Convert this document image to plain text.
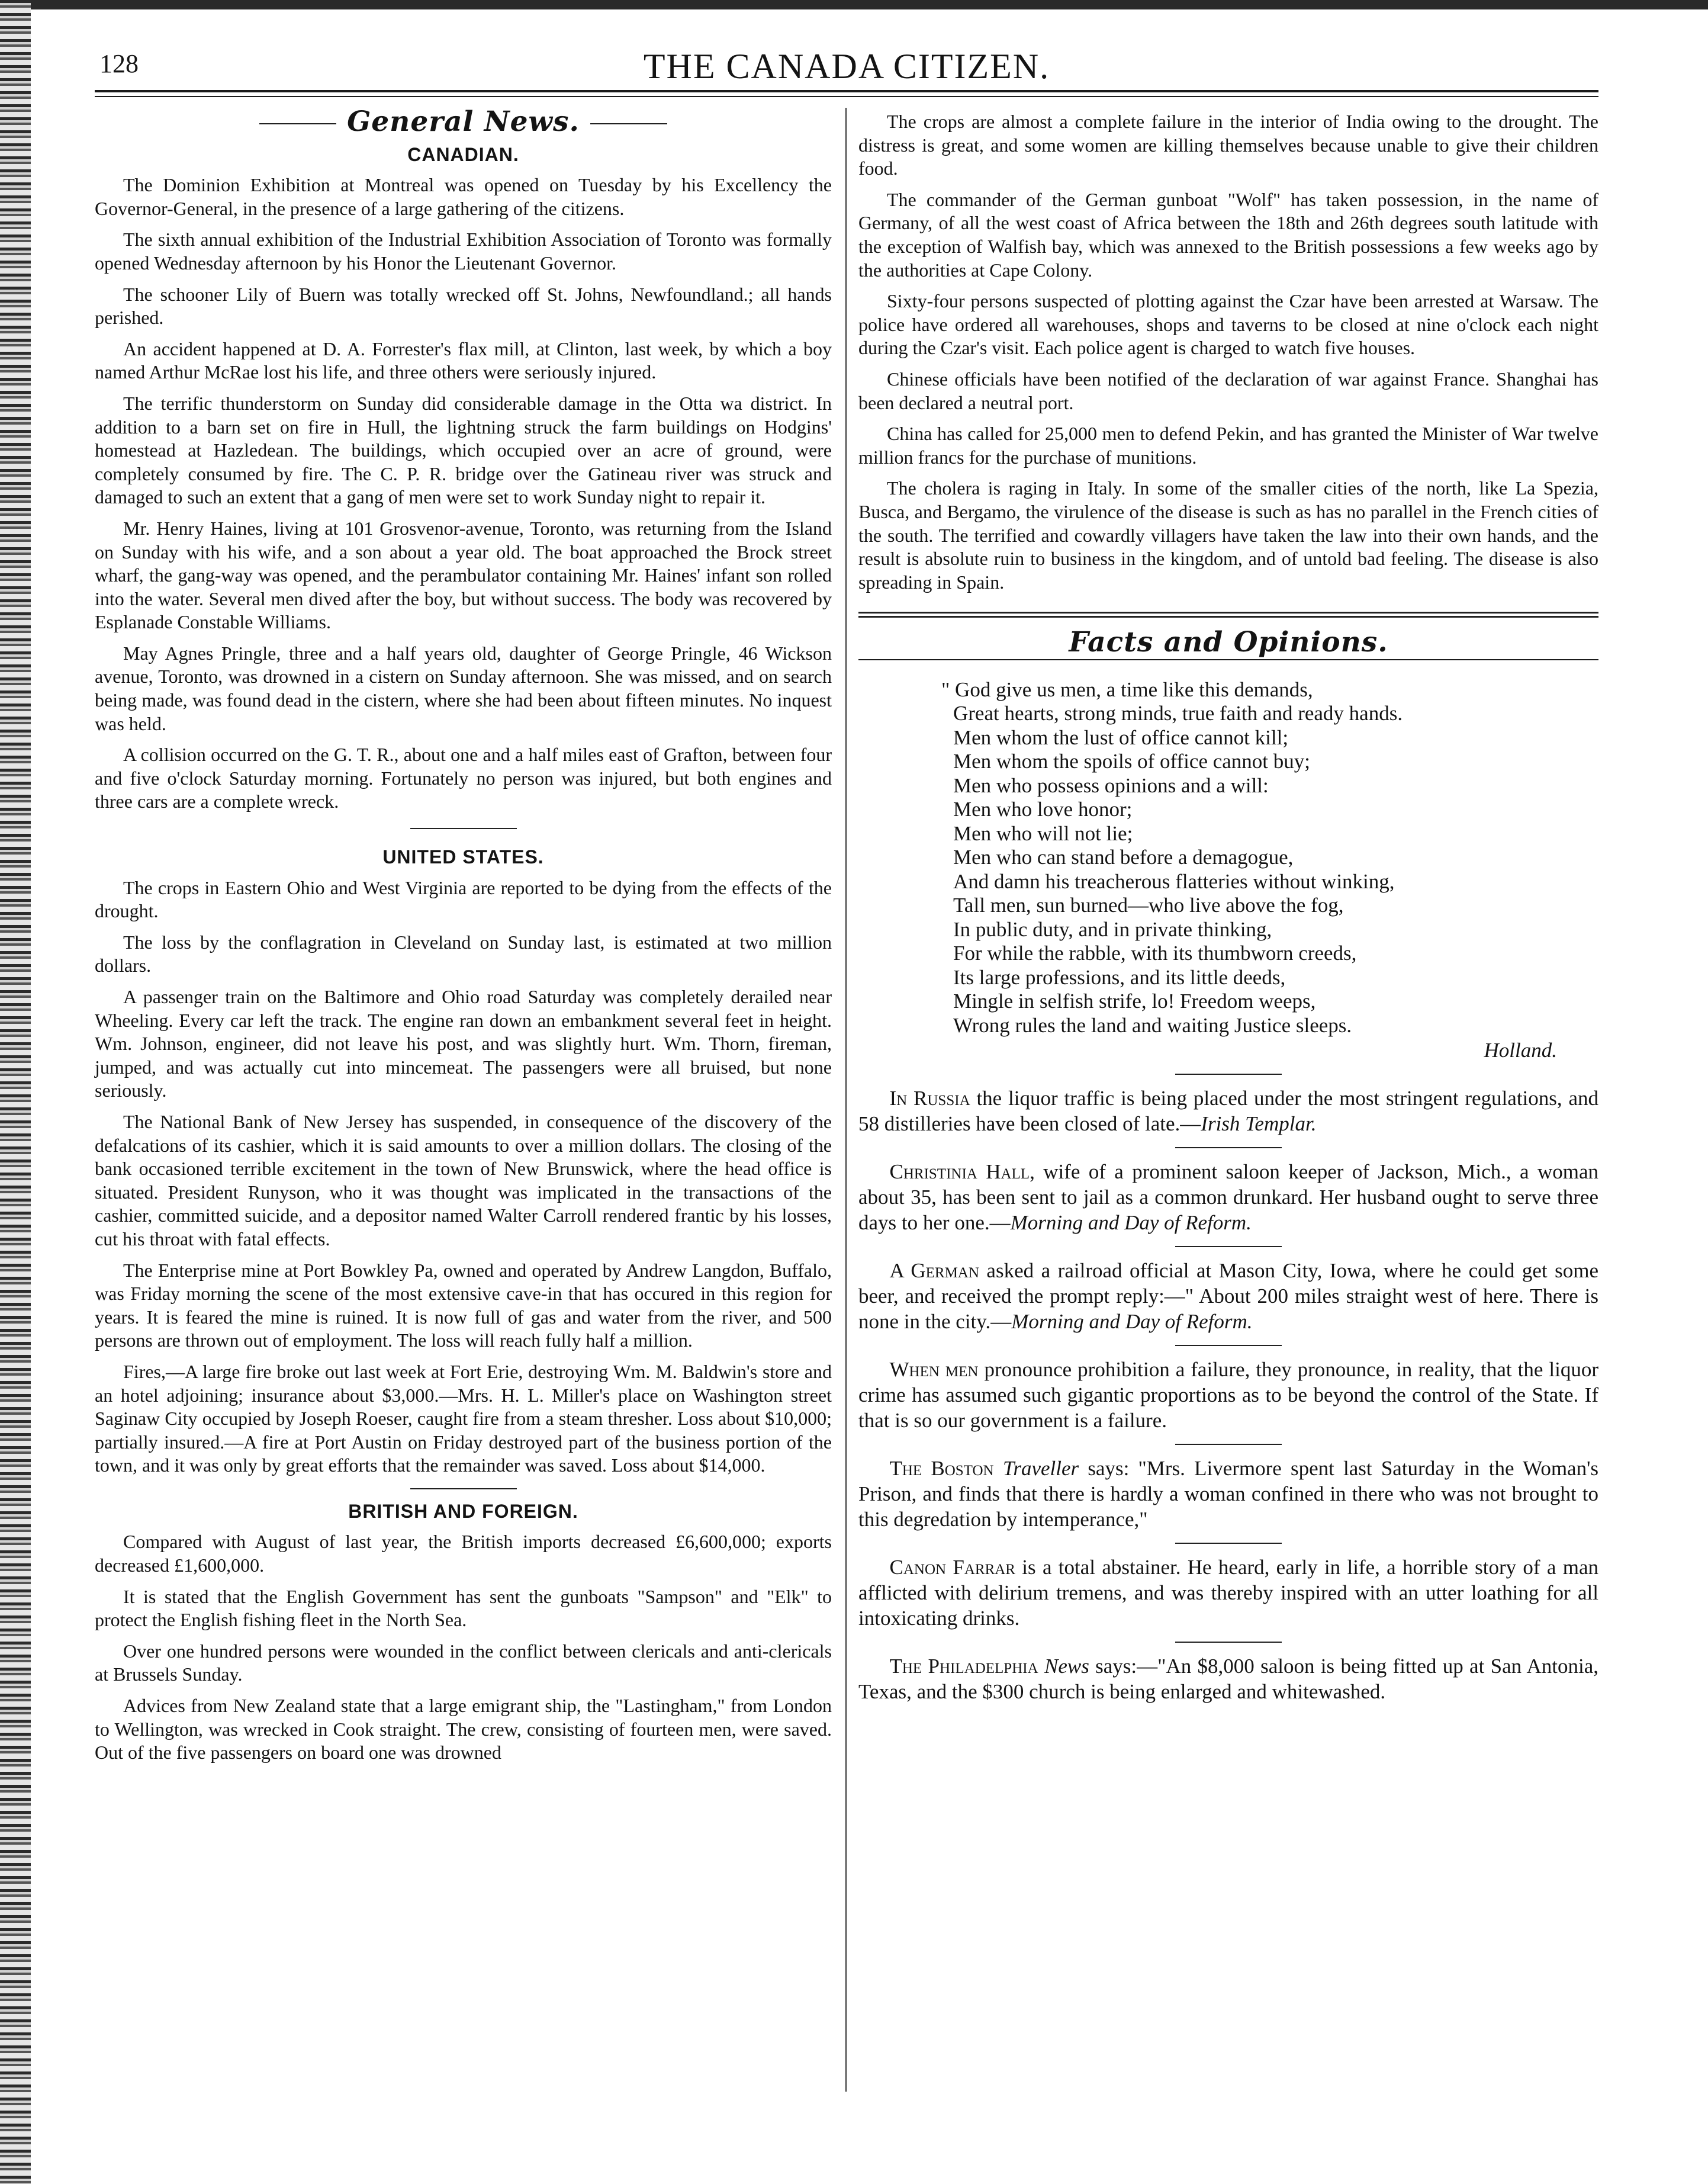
128	THE CANADA CITIZEN.
General News.
CANADIAN.

The Dominion Exhibition at Montreal was opened on Tuesday by his Excellency the Governor-General, in the presence of a large gathering of the citizens.

The sixth annual exhibition of the Industrial Exhibition Association of Toronto was formally opened Wednesday afternoon by his Honor the Lieutenant Governor.

The schooner Lily of Buern was totally wrecked off St. Johns, Newfoundland.; all hands perished.

An accident happened at D. A. Forrester's flax mill, at Clinton, last week, by which a boy named Arthur McRae lost his life, and three others were seriously injured.

The terrific thunderstorm on Sunday did considerable damage in the Otta wa district. In addition to a barn set on fire in Hull, the lightning struck the farm buildings on Hodgins' homestead at Hazledean. The buildings, which occupied over an acre of ground, were completely consumed by fire. The C. P. R. bridge over the Gatineau river was struck and damaged to such an extent that a gang of men were set to work Sunday night to repair it.

Mr. Henry Haines, living at 101 Grosvenor-avenue, Toronto, was returning from the Island on Sunday with his wife, and a son about a year old. The boat approached the Brock street wharf, the gang-way was opened, and the perambulator containing Mr. Haines' infant son rolled into the water. Several men dived after the boy, but without success. The body was recovered by Esplanade Constable Williams.

May Agnes Pringle, three and a half years old, daughter of George Pringle, 46 Wickson avenue, Toronto, was drowned in a cistern on Sunday afternoon. She was missed, and on search being made, was found dead in the cistern, where she had been about fifteen minutes. No inquest was held.

A collision occurred on the G. T. R., about one and a half miles east of Grafton, between four and five o'clock Saturday morning. Fortunately no person was injured, but both engines and three cars are a complete wreck.

UNITED STATES.

The crops in Eastern Ohio and West Virginia are reported to be dying from the effects of the drought.

The loss by the conflagration in Cleveland on Sunday last, is estimated at two million dollars.

A passenger train on the Baltimore and Ohio road Saturday was completely derailed near Wheeling. Every car left the track. The engine ran down an embankment several feet in height. Wm. Johnson, engineer, did not leave his post, and was slightly hurt. Wm. Thorn, fireman, jumped, and was actually cut into mincemeat. The passengers were all bruised, but none seriously.

The National Bank of New Jersey has suspended, in consequence of the discovery of the defalcations of its cashier, which it is said amounts to over a million dollars. The closing of the bank occasioned terrible excitement in the town of New Brunswick, where the head office is situated. President Runyson, who it was thought was implicated in the transactions of the cashier, committed suicide, and a depositor named Walter Carroll rendered frantic by his losses, cut his throat with fatal effects.

The Enterprise mine at Port Bowkley Pa, owned and operated by Andrew Langdon, Buffalo, was Friday morning the scene of the most extensive cave-in that has occured in this region for years. It is feared the mine is ruined. It is now full of gas and water from the river, and 500 persons are thrown out of employment. The loss will reach fully half a million.

Fires,—A large fire broke out last week at Fort Erie, destroying Wm. M. Baldwin's store and an hotel adjoining; insurance about $3,000.—Mrs. H. L. Miller's place on Washington street Saginaw City occupied by Joseph Roeser, caught fire from a steam thresher. Loss about $10,000; partially insured.—A fire at Port Austin on Friday destroyed part of the business portion of the town, and it was only by great efforts that the remainder was saved. Loss about $14,000.

BRITISH AND FOREIGN.

Compared with August of last year, the British imports decreased £6,600,000; exports decreased £1,600,000.

It is stated that the English Government has sent the gunboats "Sampson" and "Elk" to protect the English fishing fleet in the North Sea.

Over one hundred persons were wounded in the conflict between clericals and anti-clericals at Brussels Sunday.

Advices from New Zealand state that a large emigrant ship, the "Lastingham," from London to Wellington, was wrecked in Cook straight. The crew, consisting of fourteen men, were saved. Out of the five passengers on board one was drowned

The crops are almost a complete failure in the interior of India owing to the drought. The distress is great, and some women are killing themselves because unable to give their children food.

The commander of the German gunboat "Wolf" has taken possession, in the name of Germany, of all the west coast of Africa between the 18th and 26th degrees south latitude with the exception of Walfish bay, which was annexed to the British possessions a few weeks ago by the authorities at Cape Colony.

Sixty-four persons suspected of plotting against the Czar have been arrested at Warsaw. The police have ordered all warehouses, shops and taverns to be closed at nine o'clock each night during the Czar's visit. Each police agent is charged to watch five houses.

Chinese officials have been notified of the declaration of war against France. Shanghai has been declared a neutral port.

China has called for 25,000 men to defend Pekin, and has granted the Minister of War twelve million francs for the purchase of munitions.

The cholera is raging in Italy. In some of the smaller cities of the north, like La Spezia, Busca, and Bergamo, the virulence of the disease is such as has no parallel in the French cities of the south. The terrified and cowardly villagers have taken the law into their own hands, and the result is absolute ruin to business in the kingdom, and of untold bad feeling. The disease is also spreading in Spain.

Facts and Opinions.
" God give us men, a time like this demands,
Great hearts, strong minds, true faith and ready hands.
Men whom the lust of office cannot kill;
Men whom the spoils of office cannot buy;
Men who possess opinions and a will:
Men who love honor;
Men who will not lie;
Men who can stand before a demagogue,
And damn his treacherous flatteries without winking,
Tall men, sun burned—who live above the fog,
In public duty, and in private thinking,
For while the rabble, with its thumbworn creeds,
Its large professions, and its little deeds,
Mingle in selfish strife, lo! Freedom weeps,
Wrong rules the land and waiting Justice sleeps.
Holland.

In Russia the liquor traffic is being placed under the most stringent regulations, and 58 distilleries have been closed of late.—Irish Templar.

Christinia Hall, wife of a prominent saloon keeper of Jackson, Mich., a woman about 35, has been sent to jail as a common drunkard. Her husband ought to serve three days to her one.—Morning and Day of Reform.

A German asked a railroad official at Mason City, Iowa, where he could get some beer, and received the prompt reply:—" About 200 miles straight west of here. There is none in the city.—Morning and Day of Reform.

When men pronounce prohibition a failure, they pronounce, in reality, that the liquor crime has assumed such gigantic proportions as to be beyond the control of the State. If that is so our government is a failure.

The Boston Traveller says: "Mrs. Livermore spent last Saturday in the Woman's Prison, and finds that there is hardly a woman confined in there who was not brought to this degredation by intemperance,"

Canon Farrar is a total abstainer. He heard, early in life, a horrible story of a man afflicted with delirium tremens, and was thereby inspired with an utter loathing for all intoxicating drinks.

The Philadelphia News says:—"An $8,000 saloon is being fitted up at San Antonia, Texas, and the $300 church is being enlarged and whitewashed.
